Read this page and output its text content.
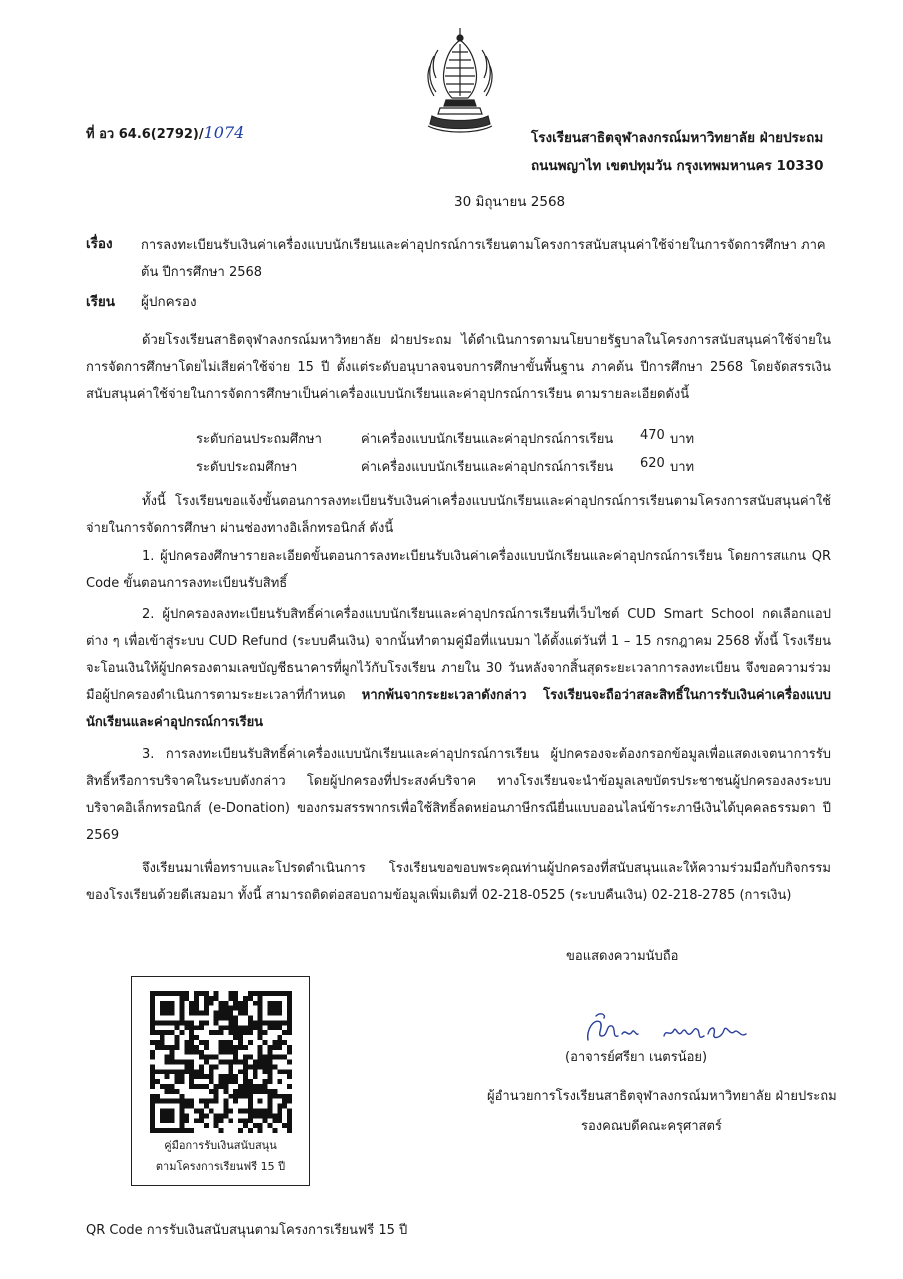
ที่ อว 64.6(2792)/1074	โรงเรียนสาธิตจุฬาลงกรณ์มหาวิทยาลัย ฝ่ายประถม
ถนนพญาไท เขตปทุมวัน กรุงเทพมหานคร 10330
30 มิถุนายน 2568
เรื่อง การลงทะเบียนรับเงินค่าเครื่องแบบนักเรียนและค่าอุปกรณ์การเรียนตามโครงการสนับสนุนค่าใช้จ่ายในการจัดการศึกษา ภาคต้น ปีการศึกษา 2568
เรียน ผู้ปกครอง
ด้วยโรงเรียนสาธิตจุฬาลงกรณ์มหาวิทยาลัย ฝ่ายประถม ได้ดำเนินการตามนโยบายรัฐบาลในโครงการสนับสนุนค่าใช้จ่ายในการจัดการศึกษาโดยไม่เสียค่าใช้จ่าย 15 ปี ตั้งแต่ระดับอนุบาลจนจบการศึกษาขั้นพื้นฐาน ภาคต้น ปีการศึกษา 2568 โดยจัดสรรเงินสนับสนุนค่าใช้จ่ายในการจัดการศึกษาเป็นค่าเครื่องแบบนักเรียนและค่าอุปกรณ์การเรียน ตามรายละเอียดดังนี้
ระดับก่อนประถมศึกษา	ค่าเครื่องแบบนักเรียนและค่าอุปกรณ์การเรียน 470 บาท
ระดับประถมศึกษา	ค่าเครื่องแบบนักเรียนและค่าอุปกรณ์การเรียน 620 บาท
ทั้งนี้ โรงเรียนขอแจ้งขั้นตอนการลงทะเบียนรับเงินค่าเครื่องแบบนักเรียนและค่าอุปกรณ์การเรียนตามโครงการสนับสนุนค่าใช้จ่ายในการจัดการศึกษา ผ่านช่องทางอิเล็กทรอนิกส์ ดังนี้
1. ผู้ปกครองศึกษารายละเอียดขั้นตอนการลงทะเบียนรับเงินค่าเครื่องแบบนักเรียนและค่าอุปกรณ์การเรียน โดยการสแกน QR Code ขั้นตอนการลงทะเบียนรับสิทธิ์
2. ผู้ปกครองลงทะเบียนรับสิทธิ์ค่าเครื่องแบบนักเรียนและค่าอุปกรณ์การเรียนที่เว็บไซต์ CUD Smart School กดเลือกแอปต่าง ๆ เพื่อเข้าสู่ระบบ CUD Refund (ระบบคืนเงิน) จากนั้นทำตามคู่มือที่แนบมา ได้ตั้งแต่วันที่ 1 – 15 กรกฎาคม 2568 ทั้งนี้ โรงเรียนจะโอนเงินให้ผู้ปกครองตามเลขบัญชีธนาคารที่ผูกไว้กับโรงเรียน ภายใน 30 วันหลังจากสิ้นสุดระยะเวลาการลงทะเบียน จึงขอความร่วมมือผู้ปกครองดำเนินการตามระยะเวลาที่กำหนด หากพ้นจากระยะเวลาดังกล่าว โรงเรียนจะถือว่าสละสิทธิ์ในการรับเงินค่าเครื่องแบบนักเรียนและค่าอุปกรณ์การเรียน
3. การลงทะเบียนรับสิทธิ์ค่าเครื่องแบบนักเรียนและค่าอุปกรณ์การเรียน ผู้ปกครองจะต้องกรอกข้อมูลเพื่อแสดงเจตนาการรับสิทธิ์หรือการบริจาคในระบบดังกล่าว โดยผู้ปกครองที่ประสงค์บริจาค ทางโรงเรียนจะนำข้อมูลเลขบัตรประชาชนผู้ปกครองลงระบบบริจาคอิเล็กทรอนิกส์ (e-Donation) ของกรมสรรพากรเพื่อใช้สิทธิ์ลดหย่อนภาษีกรณียื่นแบบออนไลน์ข้าระภาษีเงินได้บุคคลธรรมดา ปี 2569
จึงเรียนมาเพื่อทราบและโปรดดำเนินการ โรงเรียนขอขอบพระคุณท่านผู้ปกครองที่สนับสนุนและให้ความร่วมมือกับกิจกรรมของโรงเรียนด้วยดีเสมอมา ทั้งนี้ สามารถติดต่อสอบถามข้อมูลเพิ่มเติมที่ 02-218-0525 (ระบบคืนเงิน) 02-218-2785 (การเงิน)
ขอแสดงความนับถือ
(อาจารย์ศรียา เนตรน้อย)
ผู้อำนวยการโรงเรียนสาธิตจุฬาลงกรณ์มหาวิทยาลัย ฝ่ายประถม
รองคณบดีคณะครุศาสตร์
คู่มือการรับเงินสนับสนุน
ตามโครงการเรียนฟรี 15 ปี
QR Code การรับเงินสนับสนุนตามโครงการเรียนฟรี 15 ปี
